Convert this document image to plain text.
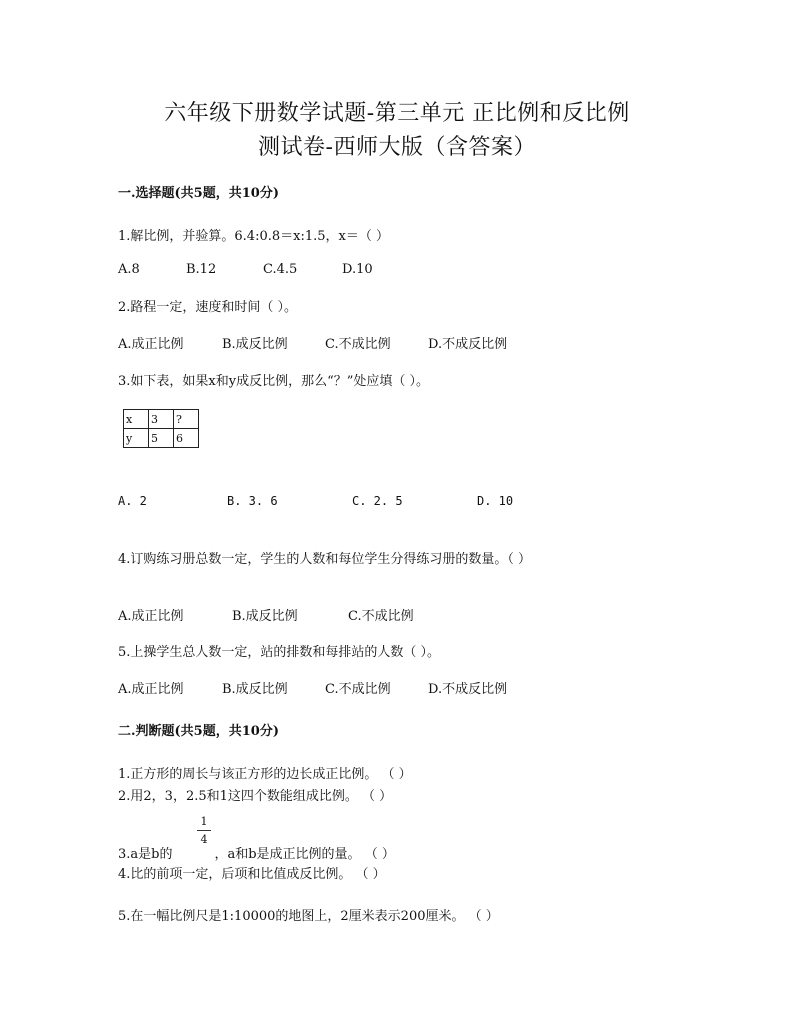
六年级下册数学试题-第三单元 正比例和反比例
测试卷-西师大版（含答案）
一.选择题(共5题，共10分)
1.解比例，并验算。6.4:0.8＝x:1.5，x＝（ ）
A.8	B.12	C.4.5	D.10
2.路程一定，速度和时间（ ）。
A.成正比例	B.成反比例	C.不成比例	D.不成反比例
3.如下表，如果x和y成反比例，那么“？”处应填（ ）。
x	3	?
y	5	6
A. 2	B. 3. 6	C. 2. 5	D. 10
4.订购练习册总数一定，学生的人数和每位学生分得练习册的数量。（ ）
A.成正比例	B.成反比例	C.不成比例
5.上操学生总人数一定，站的排数和每排站的人数（ ）。
A.成正比例	B.成反比例	C.不成比例	D.不成反比例
二.判断题(共5题，共10分)
1.正方形的周长与该正方形的边长成正比例。 （ ）
2.用2，3，2.5和1这四个数能组成比例。 （ ）
1
4
3.a是b的	，a和b是成正比例的量。 （ ）
4.比的前项一定，后项和比值成反比例。 （ ）
5.在一幅比例尺是1:10000的地图上，2厘米表示200厘米。 （ ）
